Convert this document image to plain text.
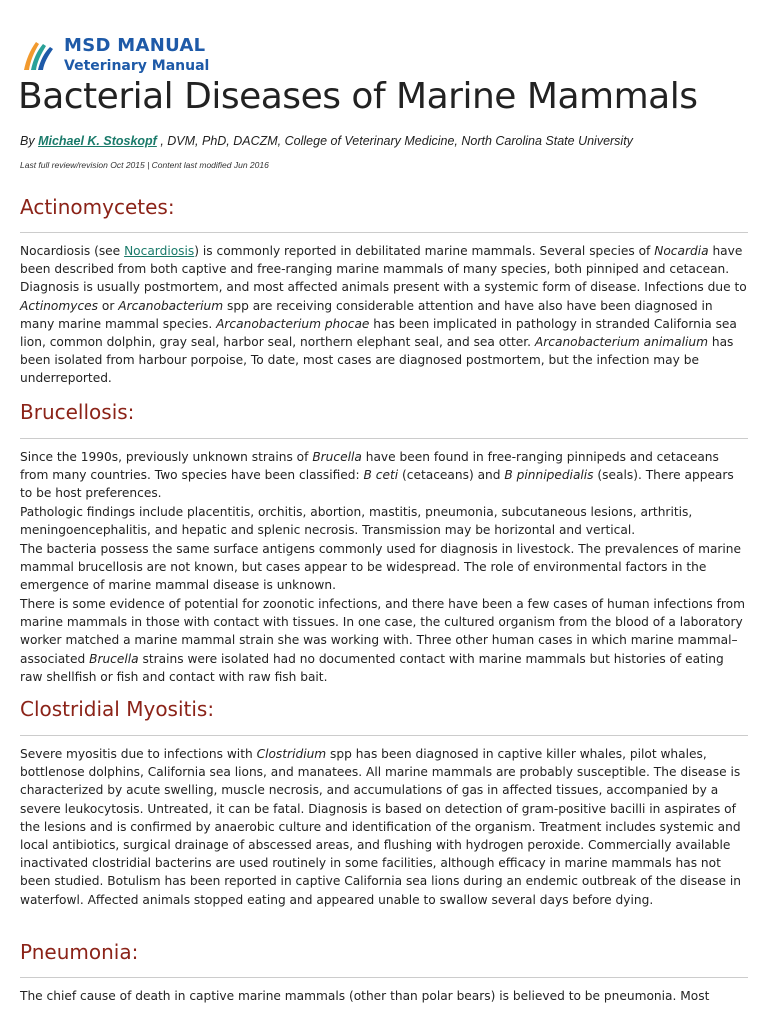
MSD MANUAL
Veterinary Manual
Bacterial Diseases of Marine Mammals
By Michael K. Stoskopf , DVM, PhD, DACZM, College of Veterinary Medicine, North Carolina State University
Last full review/revision Oct 2015 | Content last modified Jun 2016
Actinomycetes:

Nocardiosis (see Nocardiosis) is commonly reported in debilitated marine mammals. Several species of Nocardia have been described from both captive and free-ranging marine mammals of many species, both pinniped and cetacean. Diagnosis is usually postmortem, and most affected animals present with a systemic form of disease. Infections due to Actinomyces or Arcanobacterium spp are receiving considerable attention and have also have been diagnosed in many marine mammal species. Arcanobacterium phocae has been implicated in pathology in stranded California sea lion, common dolphin, gray seal, harbor seal, northern elephant seal, and sea otter. Arcanobacterium animalium has been isolated from harbour porpoise, To date, most cases are diagnosed postmortem, but the infection may be underreported.

Brucellosis:

Since the 1990s, previously unknown strains of Brucella have been found in free-ranging pinnipeds and cetaceans from many countries. Two species have been classified: B ceti (cetaceans) and B pinnipedialis (seals). There appears to be host preferences.

Pathologic findings include placentitis, orchitis, abortion, mastitis, pneumonia, subcutaneous lesions, arthritis, meningoencephalitis, and hepatic and splenic necrosis. Transmission may be horizontal and vertical.

The bacteria possess the same surface antigens commonly used for diagnosis in livestock. The prevalences of marine mammal brucellosis are not known, but cases appear to be widespread. The role of environmental factors in the emergence of marine mammal disease is unknown.

There is some evidence of potential for zoonotic infections, and there have been a few cases of human infections from marine mammals in those with contact with tissues. In one case, the cultured organism from the blood of a laboratory worker matched a marine mammal strain she was working with. Three other human cases in which marine mammal–associated Brucella strains were isolated had no documented contact with marine mammals but histories of eating raw shellfish or fish and contact with raw fish bait.

Clostridial Myositis:

Severe myositis due to infections with Clostridium spp has been diagnosed in captive killer whales, pilot whales, bottlenose dolphins, California sea lions, and manatees. All marine mammals are probably susceptible. The disease is characterized by acute swelling, muscle necrosis, and accumulations of gas in affected tissues, accompanied by a severe leukocytosis. Untreated, it can be fatal. Diagnosis is based on detection of gram-positive bacilli in aspirates of the lesions and is confirmed by anaerobic culture and identification of the organism. Treatment includes systemic and local antibiotics, surgical drainage of abscessed areas, and flushing with hydrogen peroxide. Commercially available inactivated clostridial bacterins are used routinely in some facilities, although efficacy in marine mammals has not been studied. Botulism has been reported in captive California sea lions during an endemic outbreak of the disease in waterfowl. Affected animals stopped eating and appeared unable to swallow several days before dying.

Pneumonia:

The chief cause of death in captive marine mammals (other than polar bears) is believed to be pneumonia. Most
